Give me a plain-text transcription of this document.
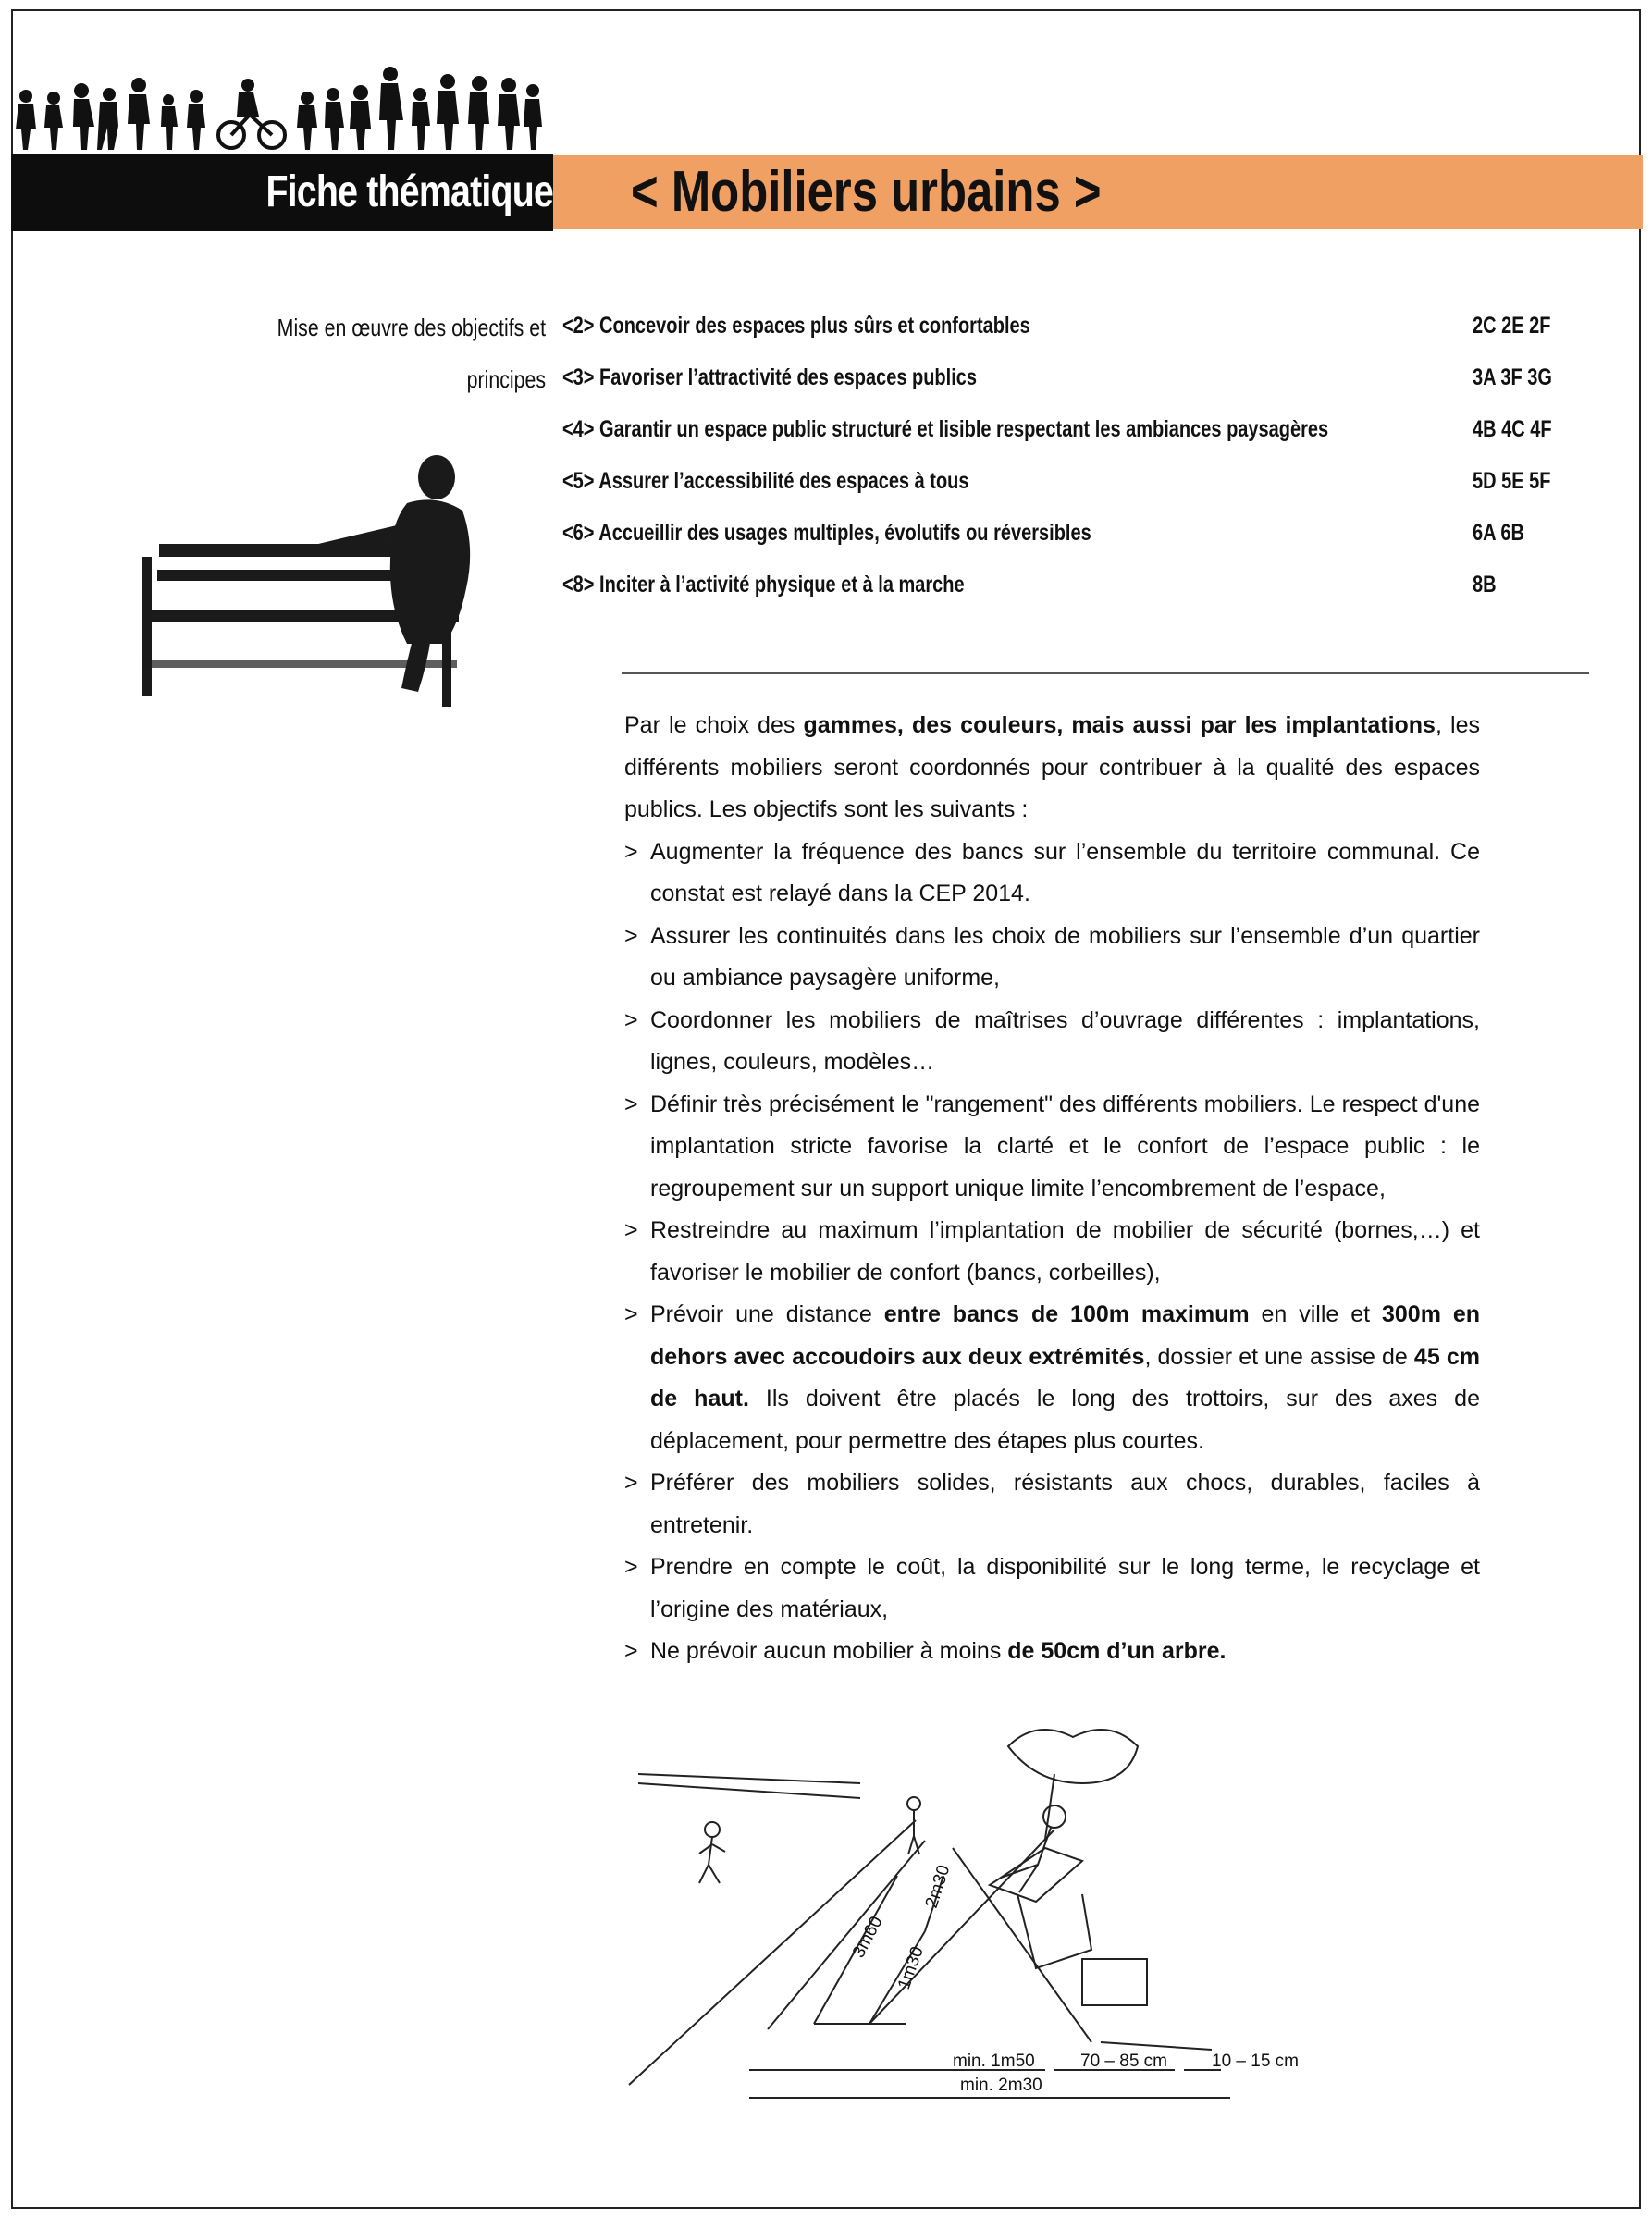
Fiche thématique < Mobiliers urbains >
Mise en œuvre des objectifs et
principes
<2> Concevoir des espaces plus sûrs et confortables	2C 2E 2F
<3> Favoriser l’attractivité des espaces publics	3A 3F 3G
<4> Garantir un espace public structuré et lisible respectant les ambiances paysagères	4B 4C 4F
<5> Assurer l’accessibilité des espaces à tous	5D 5E 5F
<6> Accueillir des usages multiples, évolutifs ou réversibles	6A 6B
<8> Inciter à l’activité physique et à la marche	8B

Par le choix des gammes, des couleurs, mais aussi par les implantations, les différents mobiliers seront coordonnés pour contribuer à la qualité des espaces publics. Les objectifs sont les suivants :

> Augmenter la fréquence des bancs sur l’ensemble du territoire communal. Ce constat est relayé dans la CEP 2014.

> Assurer les continuités dans les choix de mobiliers sur l’ensemble d’un quartier ou ambiance paysagère uniforme,

> Coordonner les mobiliers de maîtrises d’ouvrage différentes : implantations, lignes, couleurs, modèles…

> Définir très précisément le "rangement" des différents mobiliers. Le respect d'une implantation stricte favorise la clarté et le confort de l’espace public : le regroupement sur un support unique limite l’encombrement de l’espace,

> Restreindre au maximum l’implantation de mobilier de sécurité (bornes,…) et favoriser le mobilier de confort (bancs, corbeilles),

> Prévoir une distance entre bancs de 100m maximum en ville et 300m en dehors avec accoudoirs aux deux extrémités, dossier et une assise de 45 cm de haut. Ils doivent être placés le long des trottoirs, sur des axes de déplacement, pour permettre des étapes plus courtes.

> Préférer des mobiliers solides, résistants aux chocs, durables, faciles à entretenir.

> Prendre en compte le coût, la disponibilité sur le long terme, le recyclage et l’origine des matériaux,

> Ne prévoir aucun mobilier à moins de 50cm d’un arbre.

min. 1m50
min. 2m30
70 – 85 cm	10 – 15 cm
3m60
1m30
2m30
